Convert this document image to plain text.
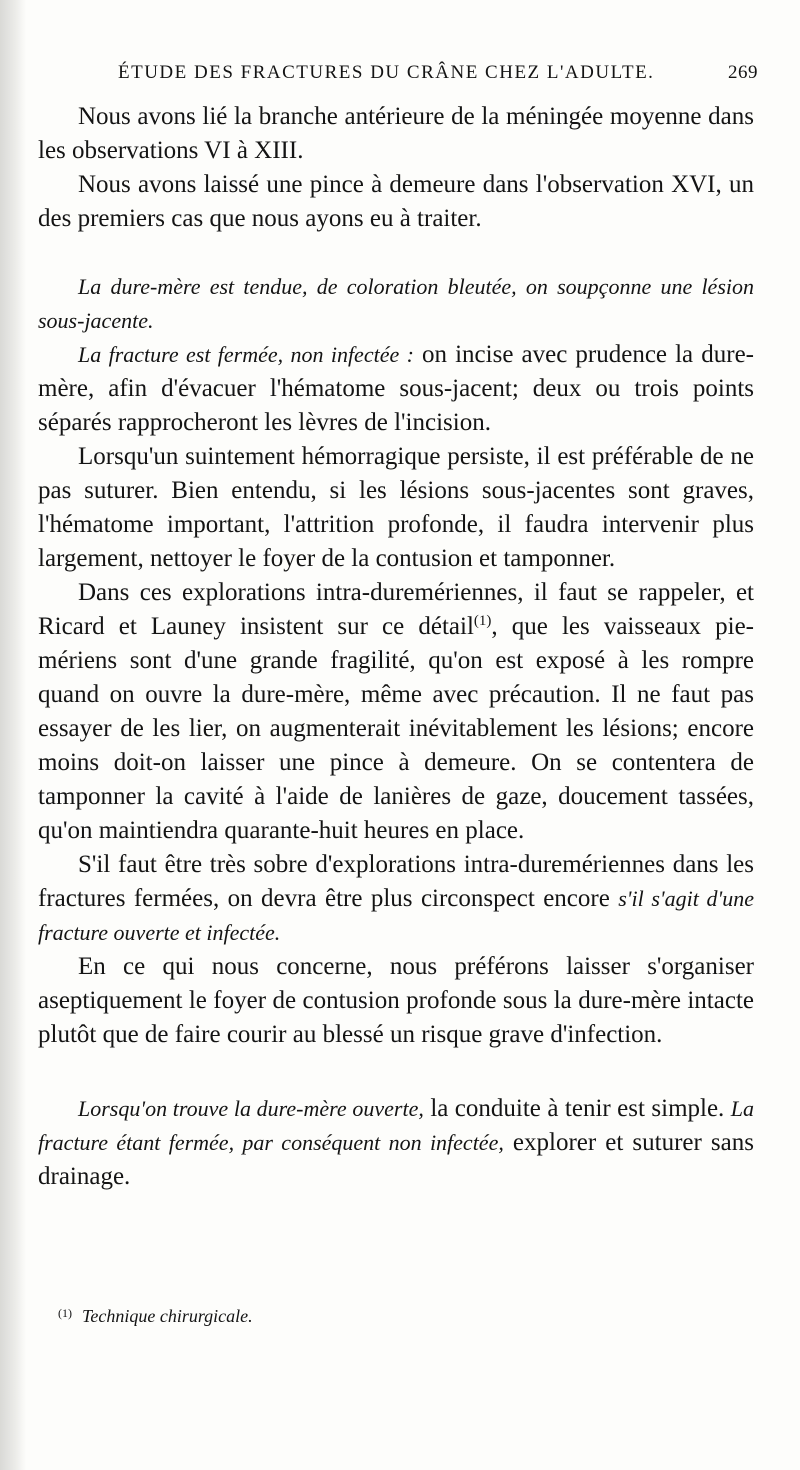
ÉTUDE DES FRACTURES DU CRÂNE CHEZ L'ADULTE.	269

Nous avons lié la branche antérieure de la méningée moyenne dans les observations VI à XIII.

Nous avons laissé une pince à demeure dans l'observation XVI, un des premiers cas que nous ayons eu à traiter.

La dure-mère est tendue, de coloration bleutée, on soupçonne une lésion sous-jacente.

La fracture est fermée, non infectée : on incise avec prudence la dure-mère, afin d'évacuer l'hématome sous-jacent; deux ou trois points séparés rapprocheront les lèvres de l'incision.

Lorsqu'un suintement hémorragique persiste, il est préférable de ne pas suturer. Bien entendu, si les lésions sous-jacentes sont graves, l'hématome important, l'attrition profonde, il faudra intervenir plus largement, nettoyer le foyer de la contusion et tamponner.

Dans ces explorations intra-duremériennes, il faut se rappeler, et Ricard et Launey insistent sur ce détail$^{(1)}$, que les vaisseaux pie-mériens sont d'une grande fragilité, qu'on est exposé à les rompre quand on ouvre la dure-mère, même avec précaution. Il ne faut pas essayer de les lier, on augmenterait inévitablement les lésions; encore moins doit-on laisser une pince à demeure. On se contentera de tamponner la cavité à l'aide de lanières de gaze, doucement tassées, qu'on maintiendra quarante-huit heures en place.

S'il faut être très sobre d'explorations intra-duremériennes dans les fractures fermées, on devra être plus circonspect encore s'il s'agit d'une fracture ouverte et infectée.

En ce qui nous concerne, nous préférons laisser s'organiser aseptiquement le foyer de contusion profonde sous la dure-mère intacte plutôt que de faire courir au blessé un risque grave d'infection.

Lorsqu'on trouve la dure-mère ouverte, la conduite à tenir est simple. La fracture étant fermée, par conséquent non infectée, explorer et suturer sans drainage.

$^{(1)}$ Technique chirurgicale.
